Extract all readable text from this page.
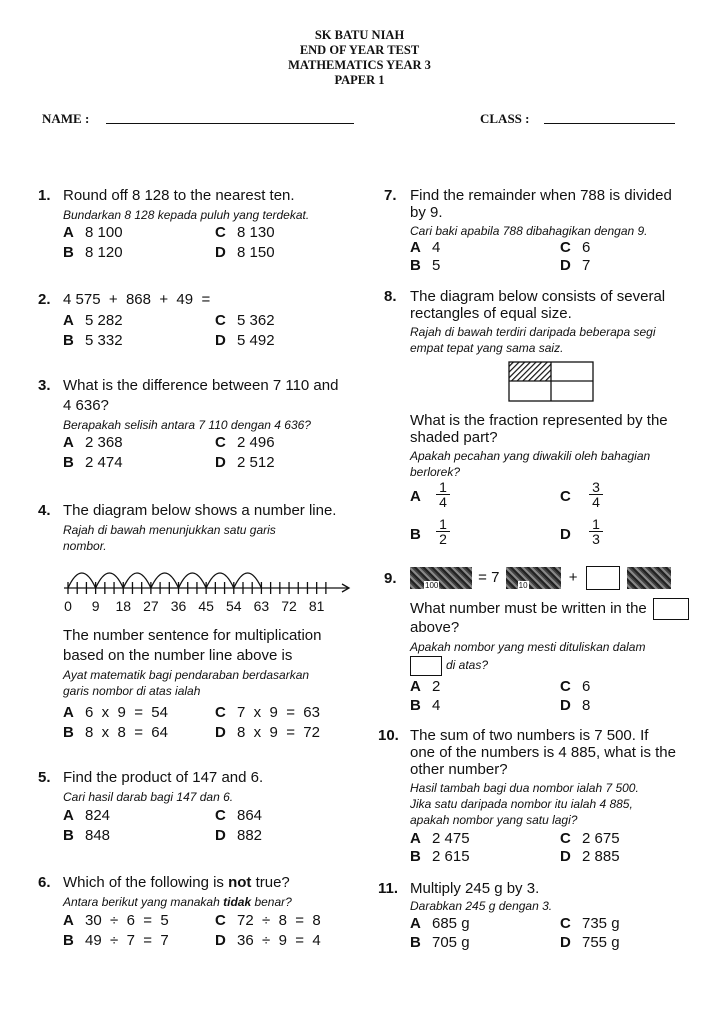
SK BATU NIAH
END OF YEAR TEST
MATHEMATICS YEAR 3
PAPER 1
NAME :	CLASS :
1. Round off 8 128 to the nearest ten.
Bundarkan 8 128 kepada puluh yang terdekat.
A 8 100	C 8 130
B 8 120	D 8 150
2. 4 575  +  868  +  49  =
A 5 282	C 5 362
B 5 332	D 5 492
3. What is the difference between 7 110 and
4 636?
Berapakah selisih antara 7 110 dengan 4 636?
A 2 368	C 2 496
B 2 474	D 2 512
4. The diagram below shows a number line.
Rajah di bawah menunjukkan satu garis
nombor.
0	9	18 27 36 45 54 63 72 81
The number sentence for multiplication
based on the number line above is
Ayat matematik bagi pendaraban berdasarkan
garis nombor di atas ialah
A 6  x  9  =  54	C 7  x  9  =  63
B 8  x  8  =  64	D 8  x  9  =  72
5. Find the product of 147 and 6.
Cari hasil darab bagi 147 dan 6.
A 824	C 864
B 848	D 882
6. Which of the following is not true?
Antara berikut yang manakah tidak benar?
A 30  ÷  6  =  5	C 72  ÷  8  =  8
B 49  ÷  7  =  7	D 36  ÷  9  =  4
7. Find the remainder when 788 is divided
by 9.
Cari baki apabila 788 dibahagikan dengan 9.
A 4	C 6
B 5	D 7
8. The diagram below consists of several
rectangles of equal size.
Rajah di bawah terdiri daripada beberapa segi
empat tepat yang sama saiz.
What is the fraction represented by the
shaded part?
Apakah pecahan yang diwakili oleh bahagian
berlorek?
A	$\frac{1}{4}$	C	$\frac{3}{4}$
B	$\frac{1}{2}$	D	$\frac{1}{3}$
9.	100	= 7 10	+
What number must be written in the
above?
Apakah nombor yang mesti dituliskan dalam
di atas?
A 2	C 6
B 4	D 8
10. The sum of two numbers is 7 500. If
one of the numbers is 4 885, what is the
other number?
Hasil tambah bagi dua nombor ialah 7 500.
Jika satu daripada nombor itu ialah 4 885,
apakah nombor yang satu lagi?
A 2 475	C 2 675
B 2 615	D 2 885
11. Multiply 245 g by 3.
Darabkan 245 g dengan 3.
A 685 g	C 735 g
B 705 g	D 755 g
